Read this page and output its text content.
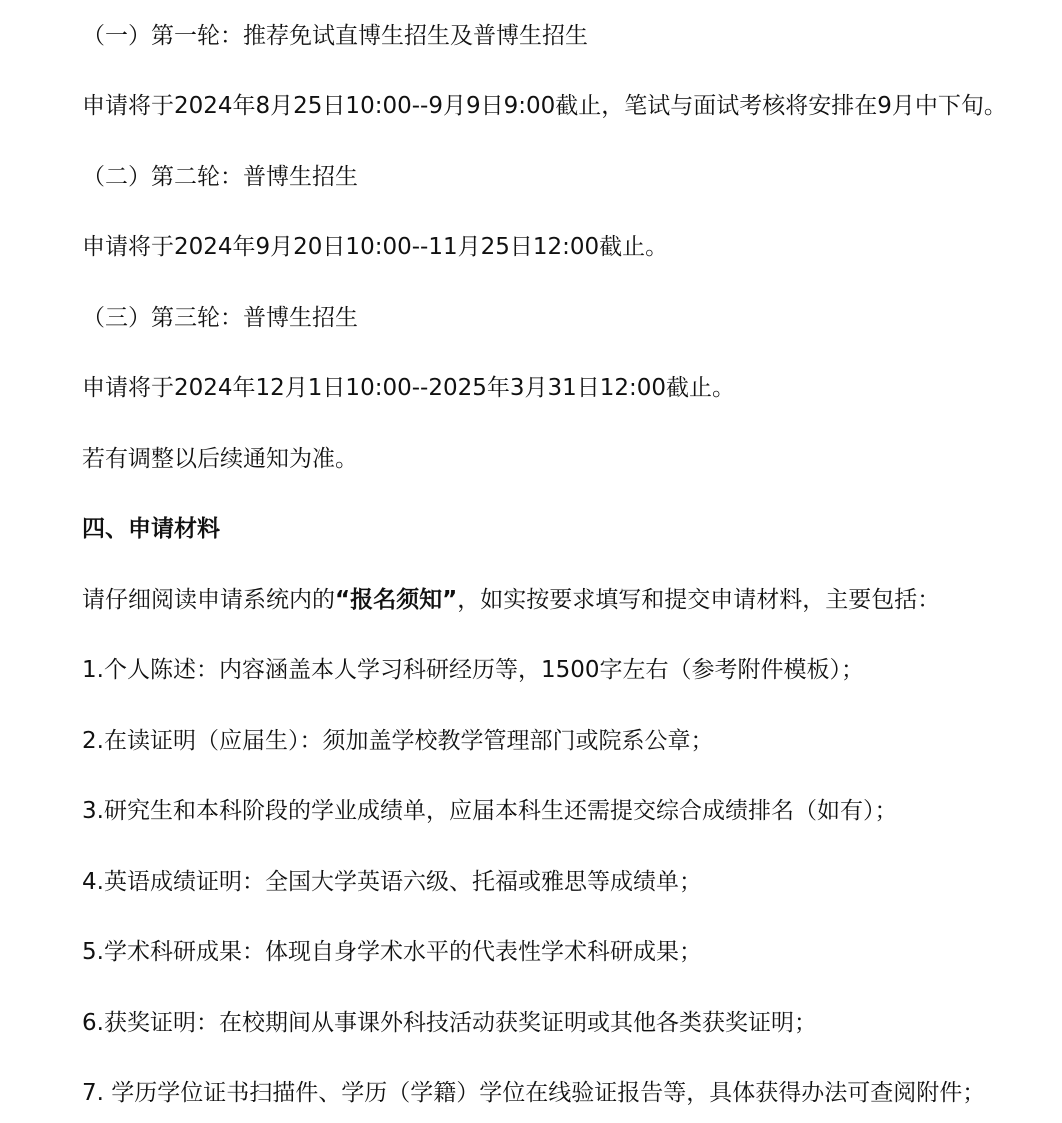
（一）第一轮：推荐免试直博生招生及普博生招生
申请将于2024年8月25日10:00--9月9日9:00截止，笔试与面试考核将安排在9月中下旬。
（二）第二轮：普博生招生
申请将于2024年9月20日10:00--11月25日12:00截止。
（三）第三轮：普博生招生
申请将于2024年12月1日10:00--2025年3月31日12:00截止。
若有调整以后续通知为准。
四、申请材料
请仔细阅读申请系统内的“报名须知”，如实按要求填写和提交申请材料，主要包括：
1.个人陈述：内容涵盖本人学习科研经历等，1500字左右（参考附件模板）；
2.在读证明（应届生）：须加盖学校教学管理部门或院系公章；
3.研究生和本科阶段的学业成绩单，应届本科生还需提交综合成绩排名（如有）；
4.英语成绩证明：全国大学英语六级、托福或雅思等成绩单；
5.学术科研成果：体现自身学术水平的代表性学术科研成果；
6.获奖证明：在校期间从事课外科技活动获奖证明或其他各类获奖证明；
7. 学历学位证书扫描件、学历（学籍）学位在线验证报告等，具体获得办法可查阅附件；
